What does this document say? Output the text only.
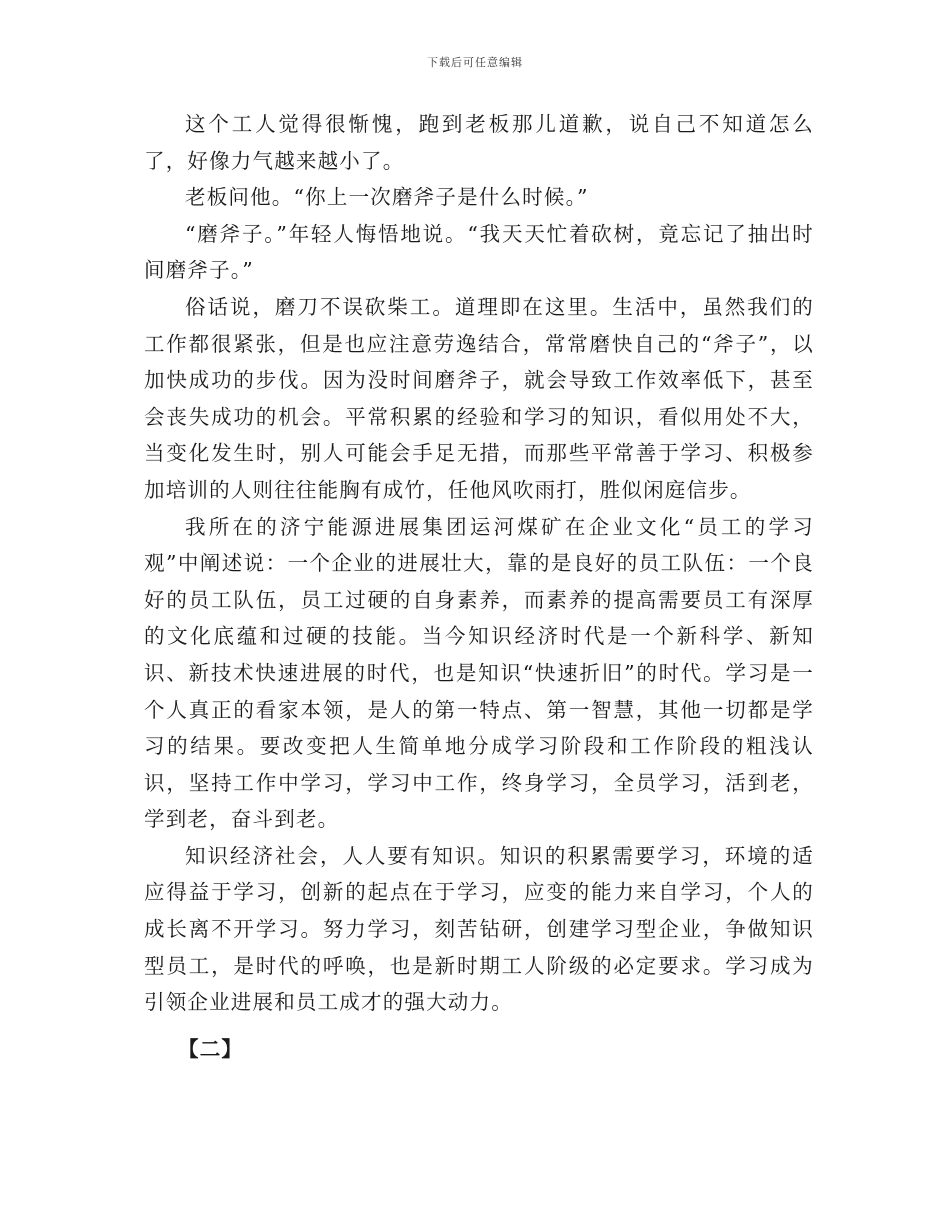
下载后可任意编辑

这个工人觉得很惭愧，跑到老板那儿道歉，说自己不知道怎么了，好像力气越来越小了。

老板问他。“你上一次磨斧子是什么时候。”

“磨斧子。”年轻人悔悟地说。“我天天忙着砍树，竟忘记了抽出时间磨斧子。”

俗话说，磨刀不误砍柴工。道理即在这里。生活中，虽然我们的工作都很紧张，但是也应注意劳逸结合，常常磨快自己的“斧子”，以加快成功的步伐。因为没时间磨斧子，就会导致工作效率低下，甚至会丧失成功的机会。平常积累的经验和学习的知识，看似用处不大，当变化发生时，别人可能会手足无措，而那些平常善于学习、积极参加培训的人则往往能胸有成竹，任他风吹雨打，胜似闲庭信步。

我所在的济宁能源进展集团运河煤矿在企业文化“员工的学习观”中阐述说：一个企业的进展壮大，靠的是良好的员工队伍：一个良好的员工队伍，员工过硬的自身素养，而素养的提高需要员工有深厚的文化底蕴和过硬的技能。当今知识经济时代是一个新科学、新知识、新技术快速进展的时代，也是知识“快速折旧”的时代。学习是一个人真正的看家本领，是人的第一特点、第一智慧，其他一切都是学习的结果。要改变把人生简单地分成学习阶段和工作阶段的粗浅认识，坚持工作中学习，学习中工作，终身学习，全员学习，活到老，学到老，奋斗到老。

知识经济社会，人人要有知识。知识的积累需要学习，环境的适应得益于学习，创新的起点在于学习，应变的能力来自学习，个人的成长离不开学习。努力学习，刻苦钻研，创建学习型企业，争做知识型员工，是时代的呼唤，也是新时期工人阶级的必定要求。学习成为引领企业进展和员工成才的强大动力。

【二】
